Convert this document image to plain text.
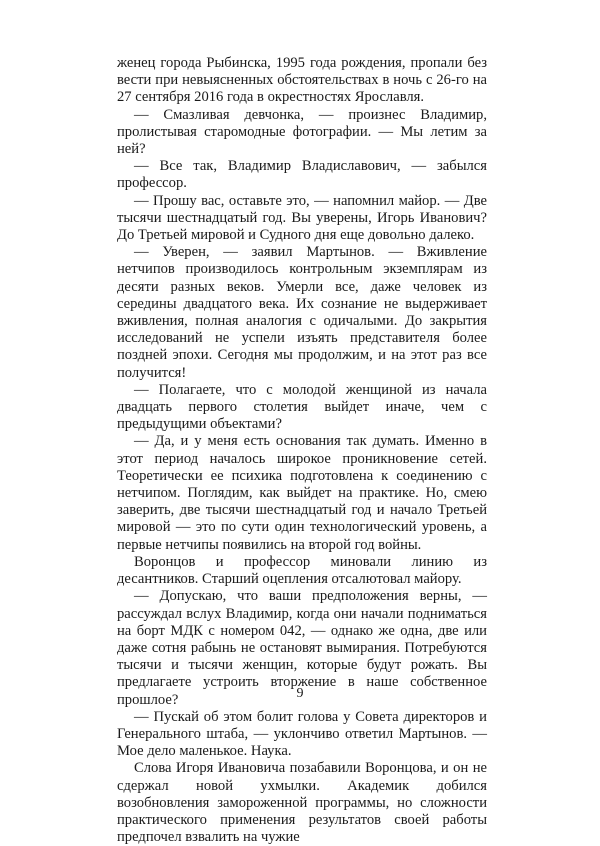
женец города Рыбинска, 1995 года рождения, пропали без вести при невыясненных обстоятельствах в ночь с 26-го на 27 сентября 2016 года в окрестностях Ярославля.

— Смазливая девчонка, — произнес Владимир, пролистывая старомодные фотографии. — Мы летим за ней?

— Все так, Владимир Владиславович, — забылся профессор.

— Прошу вас, оставьте это, — напомнил майор. — Две тысячи шестнадцатый год. Вы уверены, Игорь Иванович? До Третьей мировой и Судного дня еще довольно далеко.

— Уверен, — заявил Мартынов. — Вживление нетчипов производилось контрольным экземплярам из десяти разных веков. Умерли все, даже человек из середины двадцатого века. Их сознание не выдерживает вживления, полная аналогия с одичалыми. До закрытия исследований не успели изъять представителя более поздней эпохи. Сегодня мы продолжим, и на этот раз все получится!

— Полагаете, что с молодой женщиной из начала двадцать первого столетия выйдет иначе, чем с предыдущими объектами?

— Да, и у меня есть основания так думать. Именно в этот период началось широкое проникновение сетей. Теоретически ее психика подготовлена к соединению с нетчипом. Поглядим, как выйдет на практике. Но, смею заверить, две тысячи шестнадцатый год и начало Третьей мировой — это по сути один технологический уровень, а первые нетчипы появились на второй год войны.

Воронцов и профессор миновали линию из десантников. Старший оцепления отсалютовал майору.

— Допускаю, что ваши предположения верны, — рассуждал вслух Владимир, когда они начали подниматься на борт МДК с номером 042, — однако же одна, две или даже сотня рабынь не остановят вымирания. Потребуются тысячи и тысячи женщин, которые будут рожать. Вы предлагаете устроить вторжение в наше собственное прошлое?

— Пускай об этом болит голова у Совета директоров и Генерального штаба, — уклончиво ответил Мартынов. — Мое дело маленькое. Наука.

Слова Игоря Ивановича позабавили Воронцова, и он не сдержал новой ухмылки. Академик добился возобновления замороженной программы, но сложности практического применения результатов своей работы предпочел взвалить на чужие

9
